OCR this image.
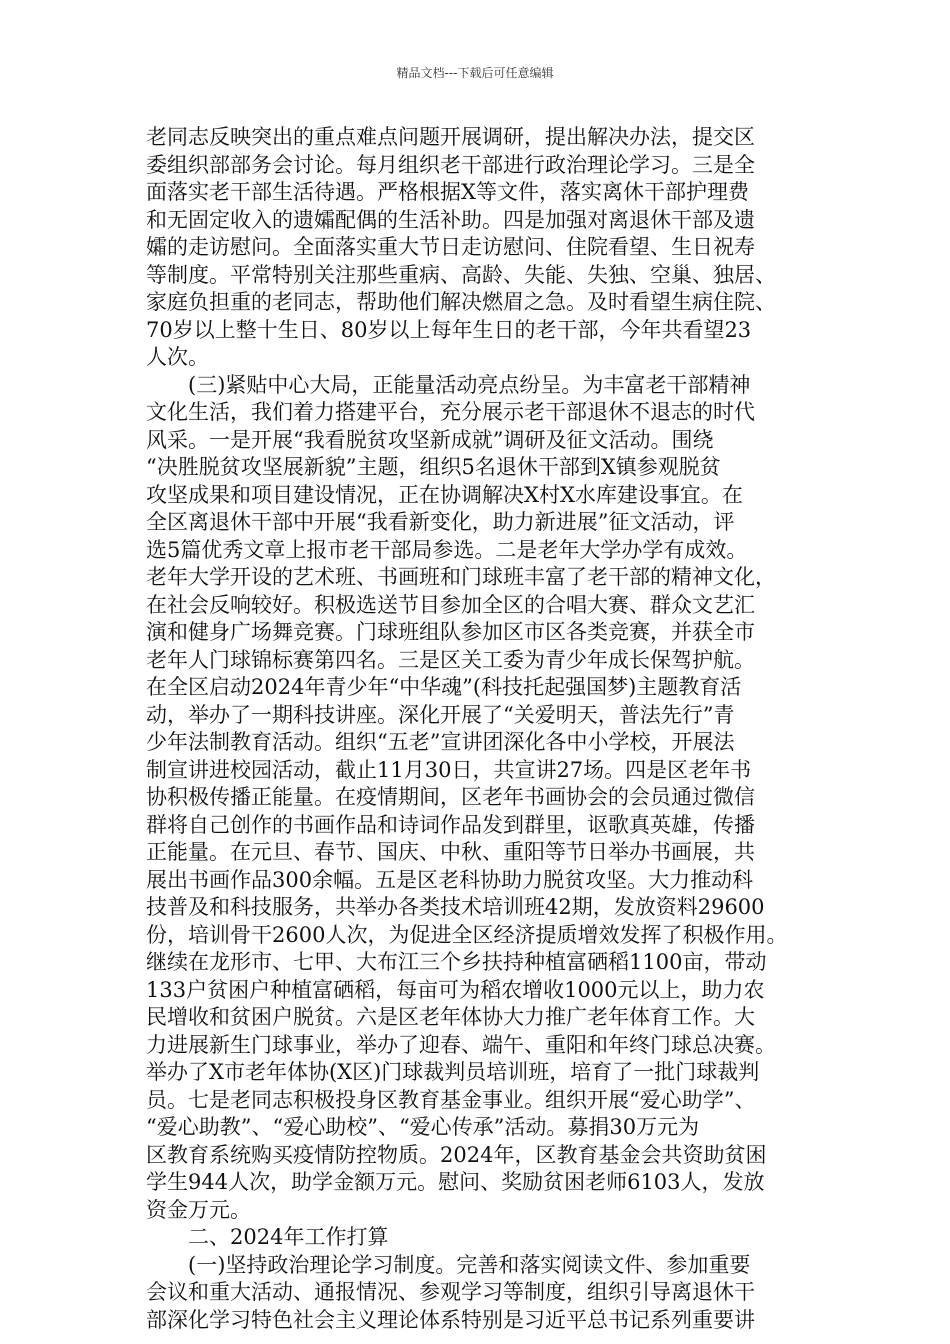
精品文档---下载后可任意编辑
老同志反映突出的重点难点问题开展调研，提出解决办法，提交区
委组织部部务会讨论。每月组织老干部进行政治理论学习。三是全
面落实老干部生活待遇。严格根据X等文件，落实离休干部护理费
和无固定收入的遗孀配偶的生活补助。四是加强对离退休干部及遗
孀的走访慰问。全面落实重大节日走访慰问、住院看望、生日祝寿
等制度。平常特别关注那些重病、高龄、失能、失独、空巢、独居、
家庭负担重的老同志，帮助他们解决燃眉之急。及时看望生病住院、
70岁以上整十生日、80岁以上每年生日的老干部，今年共看望23
人次。
　　(三)紧贴中心大局，正能量活动亮点纷呈。为丰富老干部精神
文化生活，我们着力搭建平台，充分展示老干部退休不退志的时代
风采。一是开展“我看脱贫攻坚新成就”调研及征文活动。围绕
“决胜脱贫攻坚展新貌”主题，组织5名退休干部到X镇参观脱贫
攻坚成果和项目建设情况，正在协调解决X村X水库建设事宜。在
全区离退休干部中开展“我看新变化，助力新进展”征文活动，评
选5篇优秀文章上报市老干部局参选。二是老年大学办学有成效。
老年大学开设的艺术班、书画班和门球班丰富了老干部的精神文化，
在社会反响较好。积极选送节目参加全区的合唱大赛、群众文艺汇
演和健身广场舞竞赛。门球班组队参加区市区各类竞赛，并获全市
老年人门球锦标赛第四名。三是区关工委为青少年成长保驾护航。
在全区启动2024年青少年“中华魂”(科技托起强国梦)主题教育活
动，举办了一期科技讲座。深化开展了“关爱明天，普法先行”青
少年法制教育活动。组织“五老”宣讲团深化各中小学校，开展法
制宣讲进校园活动，截止11月30日，共宣讲27场。四是区老年书
协积极传播正能量。在疫情期间，区老年书画协会的会员通过微信
群将自己创作的书画作品和诗词作品发到群里，讴歌真英雄，传播
正能量。在元旦、春节、国庆、中秋、重阳等节日举办书画展，共
展出书画作品300余幅。五是区老科协助力脱贫攻坚。大力推动科
技普及和科技服务，共举办各类技术培训班42期，发放资料29600
份，培训骨干2600人次，为促进全区经济提质增效发挥了积极作用。
继续在龙形市、七甲、大布江三个乡扶持种植富硒稻1100亩，带动
133户贫困户种植富硒稻，每亩可为稻农增收1000元以上，助力农
民增收和贫困户脱贫。六是区老年体协大力推广老年体育工作。大
力进展新生门球事业，举办了迎春、端午、重阳和年终门球总决赛。
举办了X市老年体协(X区)门球裁判员培训班，培育了一批门球裁判
员。七是老同志积极投身区教育基金事业。组织开展“爱心助学”、
“爱心助教”、“爱心助校”、“爱心传承”活动。募捐30万元为
区教育系统购买疫情防控物质。2024年，区教育基金会共资助贫困
学生944人次，助学金额万元。慰问、奖励贫困老师6103人，发放
资金万元。
　　二、2024年工作打算
　　(一)坚持政治理论学习制度。完善和落实阅读文件、参加重要
会议和重大活动、通报情况、参观学习等制度，组织引导离退休干
部深化学习特色社会主义理论体系特别是习近平总书记系列重要讲
